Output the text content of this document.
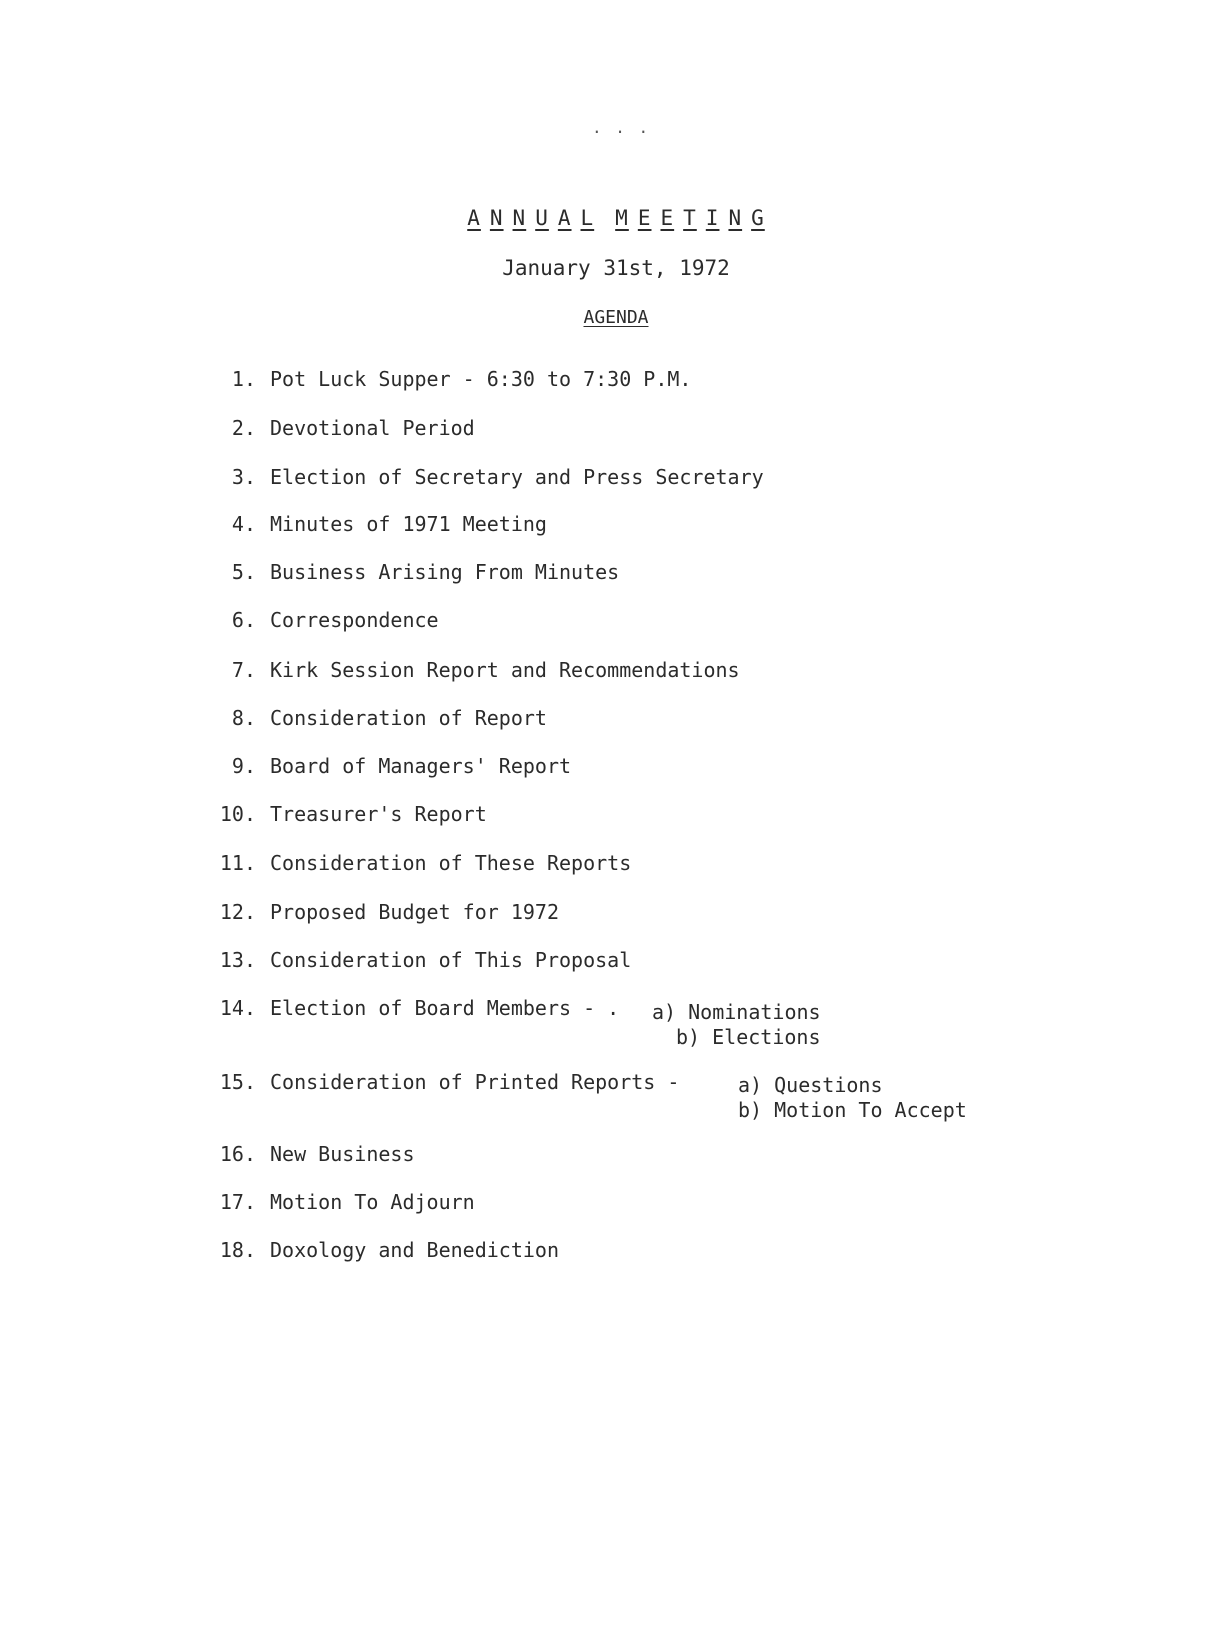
. . .
A N N U A L M E E T I N G
January 31st, 1972
AGENDA
1. Pot Luck Supper - 6:30 to 7:30 P.M.
2. Devotional Period
3. Election of Secretary and Press Secretary
4. Minutes of 1971 Meeting
5. Business Arising From Minutes
6. Correspondence
7. Kirk Session Report and Recommendations
8. Consideration of Report
9. Board of Managers' Report
10. Treasurer's Report
11. Consideration of These Reports
12. Proposed Budget for 1972
13. Consideration of This Proposal
14. Election of Board Members - . a) Nominations
b) Elections
15. Consideration of Printed Reports -	a) Questions
b) Motion To Accept
16. New Business
17. Motion To Adjourn
18. Doxology and Benediction
